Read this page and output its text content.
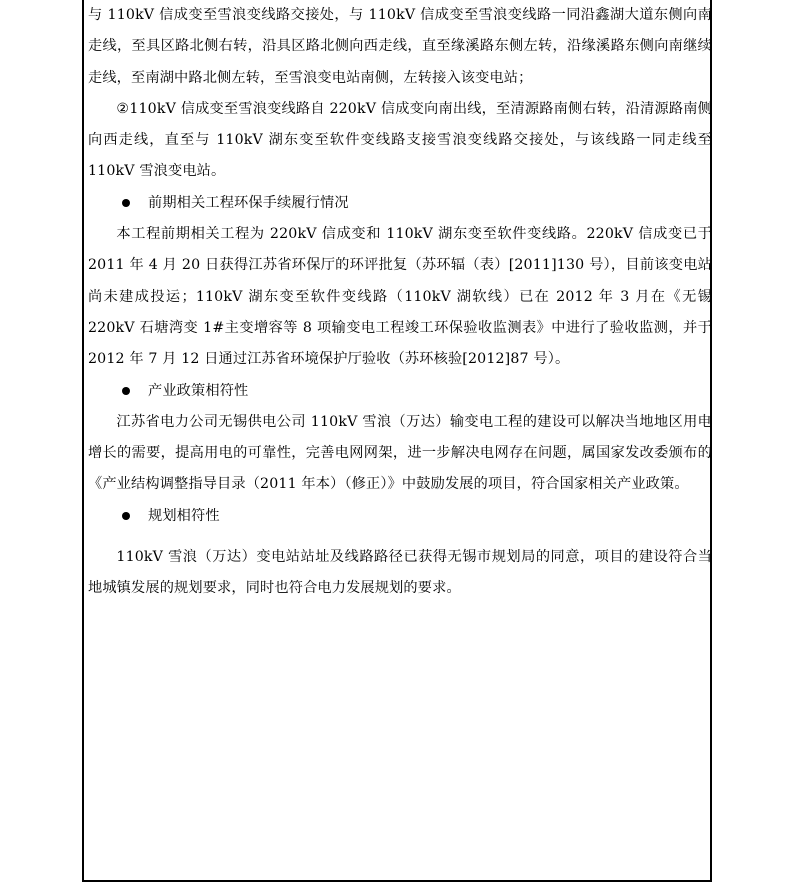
与 110kV 信成变至雪浪变线路交接处，与 110kV 信成变至雪浪变线路一同沿鑫湖大道东侧向南走线，至具区路北侧右转，沿具区路北侧向西走线，直至缘溪路东侧左转，沿缘溪路东侧向南继续走线，至南湖中路北侧左转，至雪浪变电站南侧，左转接入该变电站；

②110kV 信成变至雪浪变线路自 220kV 信成变向南出线，至清源路南侧右转，沿清源路南侧向西走线，直至与 110kV 湖东变至软件变线路支接雪浪变线路交接处，与该线路一同走线至 110kV 雪浪变电站。

前期相关工程环保手续履行情况

本工程前期相关工程为 220kV 信成变和 110kV 湖东变至软件变线路。220kV 信成变已于 2011 年 4 月 20 日获得江苏省环保厅的环评批复（苏环辐（表）[2011]130 号），目前该变电站尚未建成投运；110kV 湖东变至软件变线路（110kV 湖软线）已在 2012 年 3 月在《无锡 220kV 石塘湾变 1#主变增容等 8 项输变电工程竣工环保验收监测表》中进行了验收监测，并于 2012 年 7 月 12 日通过江苏省环境保护厅验收（苏环核验[2012]87 号）。

产业政策相符性

江苏省电力公司无锡供电公司 110kV 雪浪（万达）输变电工程的建设可以解决当地地区用电增长的需要，提高用电的可靠性，完善电网网架，进一步解决电网存在问题，属国家发改委颁布的《产业结构调整指导目录（2011 年本）（修正）》中鼓励发展的项目，符合国家相关产业政策。

规划相符性

110kV 雪浪（万达）变电站站址及线路路径已获得无锡市规划局的同意，项目的建设符合当地城镇发展的规划要求，同时也符合电力发展规划的要求。
